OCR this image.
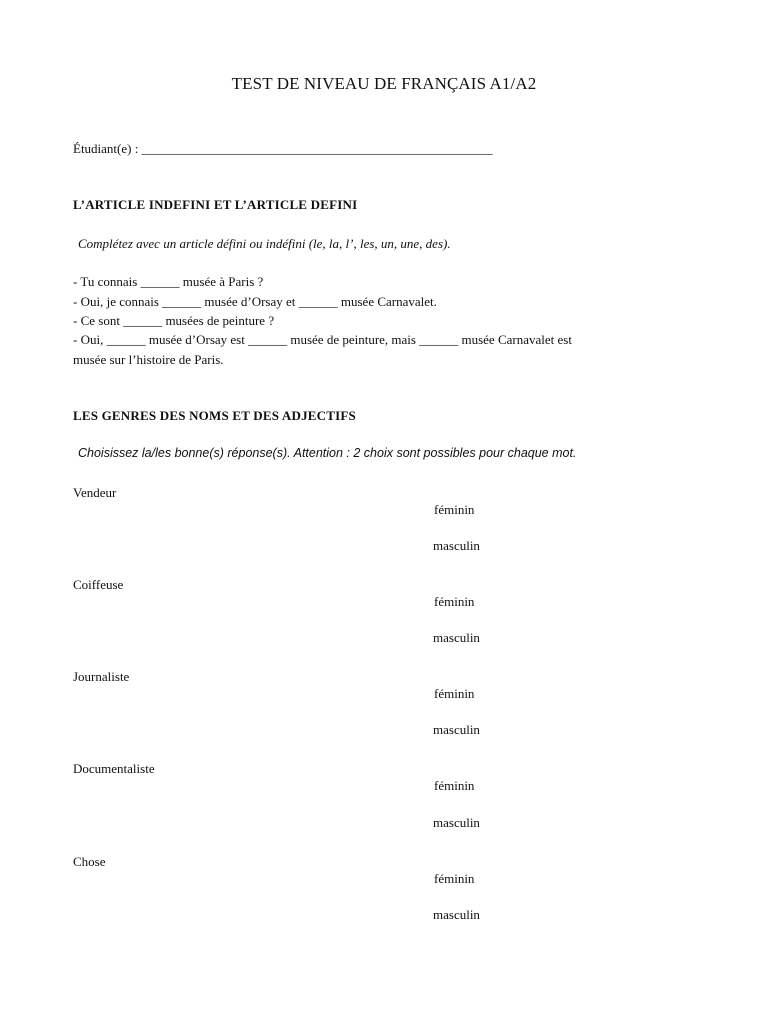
TEST DE NIVEAU DE FRANÇAIS A1/A2
Étudiant(e) : ______________________________________________________
L’ARTICLE INDEFINI ET L’ARTICLE DEFINI
Complétez avec un article défini ou indéfini (le, la, l’, les, un, une, des).
- Tu connais ______ musée à Paris ?
- Oui, je connais ______ musée d’Orsay et ______ musée Carnavalet.
- Ce sont ______ musées de peinture ?
- Oui, ______ musée d’Orsay est ______ musée de peinture, mais ______ musée Carnavalet est
musée sur l’histoire de Paris.
LES GENRES DES NOMS ET DES ADJECTIFS
Choisissez la/les bonne(s) réponse(s). Attention : 2 choix sont possibles pour chaque mot.
Vendeur
féminin
masculin
Coiffeuse
féminin
masculin
Journaliste
féminin
masculin
Documentaliste
féminin
masculin
Chose
féminin
masculin
